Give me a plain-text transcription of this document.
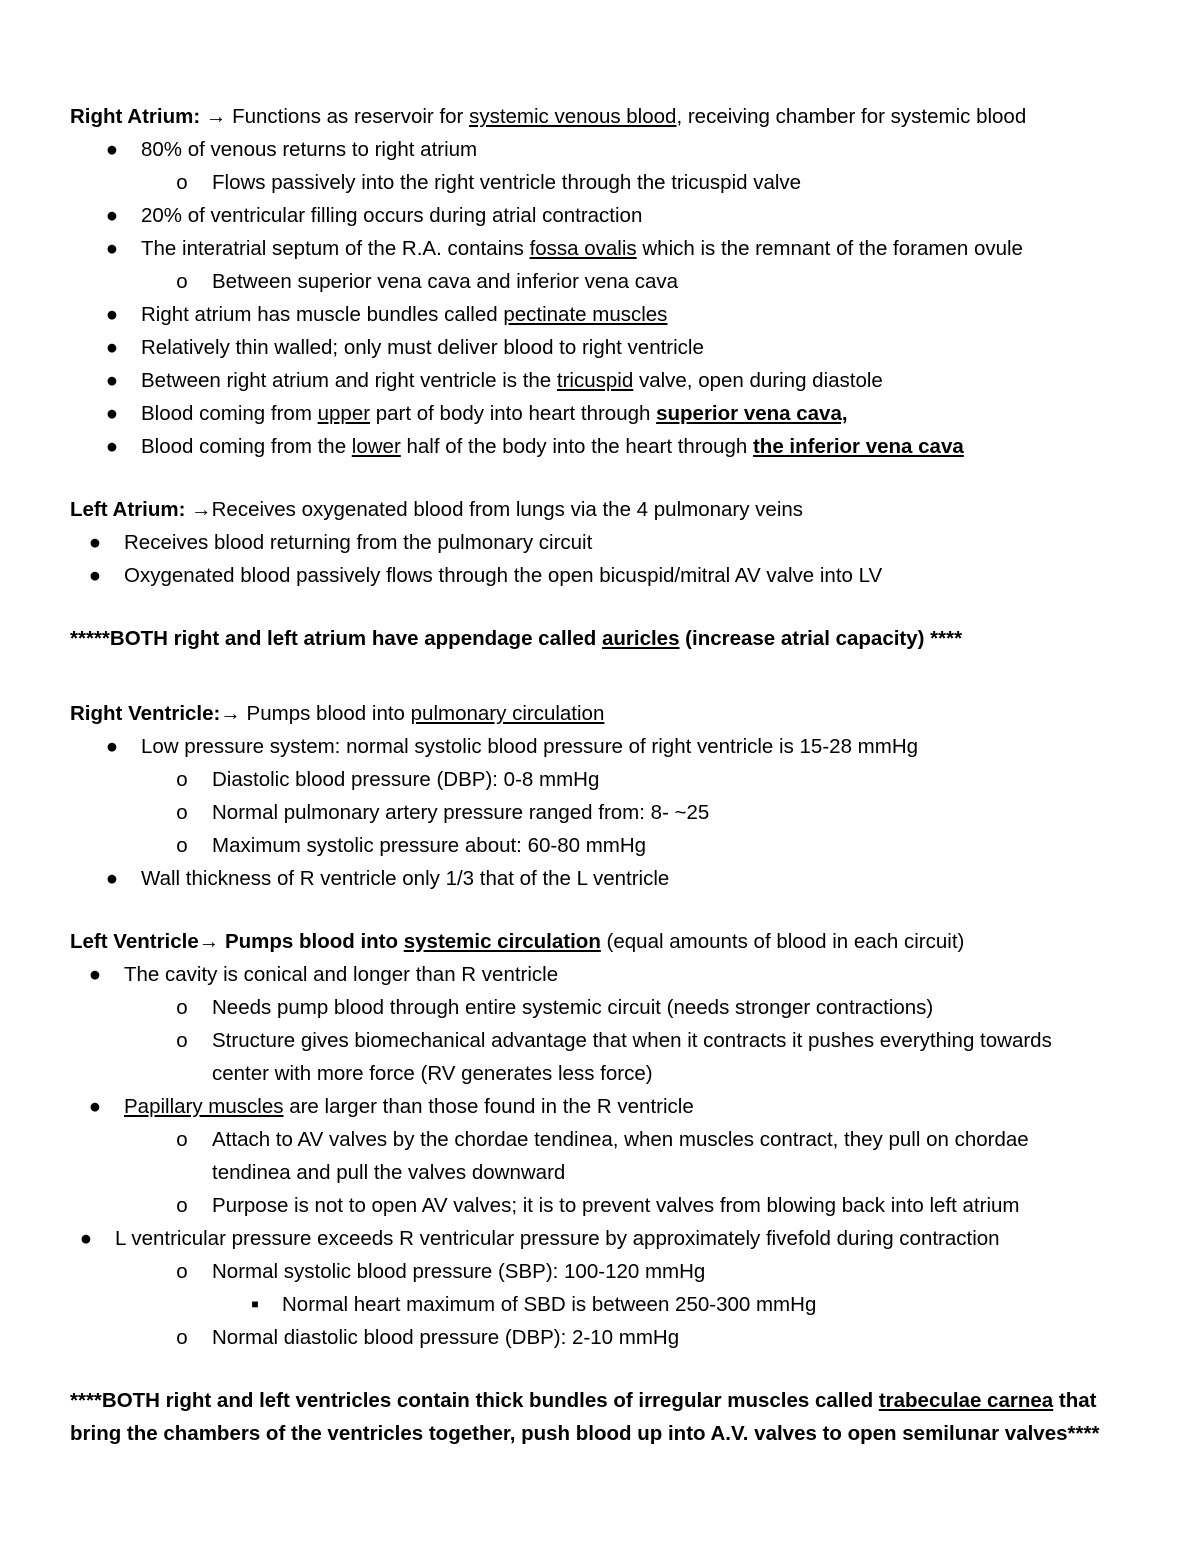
Right Atrium: → Functions as reservoir for systemic venous blood, receiving chamber for systemic blood
● 80% of venous returns to right atrium
o	Flows passively into the right ventricle through the tricuspid valve
● 20% of ventricular filling occurs during atrial contraction
● The interatrial septum of the R.A. contains fossa ovalis which is the remnant of the foramen ovule
o	Between superior vena cava and inferior vena cava
● Right atrium has muscle bundles called pectinate muscles
● Relatively thin walled; only must deliver blood to right ventricle
● Between right atrium and right ventricle is the tricuspid valve, open during diastole
● Blood coming from upper part of body into heart through superior vena cava,
● Blood coming from the lower half of the body into the heart through the inferior vena cava
Left Atrium: →Receives oxygenated blood from lungs via the 4 pulmonary veins
● Receives blood returning from the pulmonary circuit
● Oxygenated blood passively flows through the open bicuspid/mitral AV valve into LV
*****BOTH right and left atrium have appendage called auricles (increase atrial capacity) ****
Right Ventricle:→ Pumps blood into pulmonary circulation
● Low pressure system: normal systolic blood pressure of right ventricle is 15-28 mmHg
o	Diastolic blood pressure (DBP): 0-8 mmHg
o	Normal pulmonary artery pressure ranged from: 8- ~25
o	Maximum systolic pressure about: 60-80 mmHg
● Wall thickness of R ventricle only 1/3 that of the L ventricle
Left Ventricle→ Pumps blood into systemic circulation (equal amounts of blood in each circuit)
● The cavity is conical and longer than R ventricle
o	Needs pump blood through entire systemic circuit (needs stronger contractions)
o	Structure gives biomechanical advantage that when it contracts it pushes everything towards
center with more force (RV generates less force)
● Papillary muscles are larger than those found in the R ventricle
o	Attach to AV valves by the chordae tendinea, when muscles contract, they pull on chordae
tendinea and pull the valves downward
o	Purpose is not to open AV valves; it is to prevent valves from blowing back into left atrium
● L ventricular pressure exceeds R ventricular pressure by approximately fivefold during contraction
o	Normal systolic blood pressure (SBP): 100-120 mmHg
■	Normal heart maximum of SBD is between 250-300 mmHg
o	Normal diastolic blood pressure (DBP): 2-10 mmHg
****BOTH right and left ventricles contain thick bundles of irregular muscles called trabeculae carnea that
bring the chambers of the ventricles together, push blood up into A.V. valves to open semilunar valves****
